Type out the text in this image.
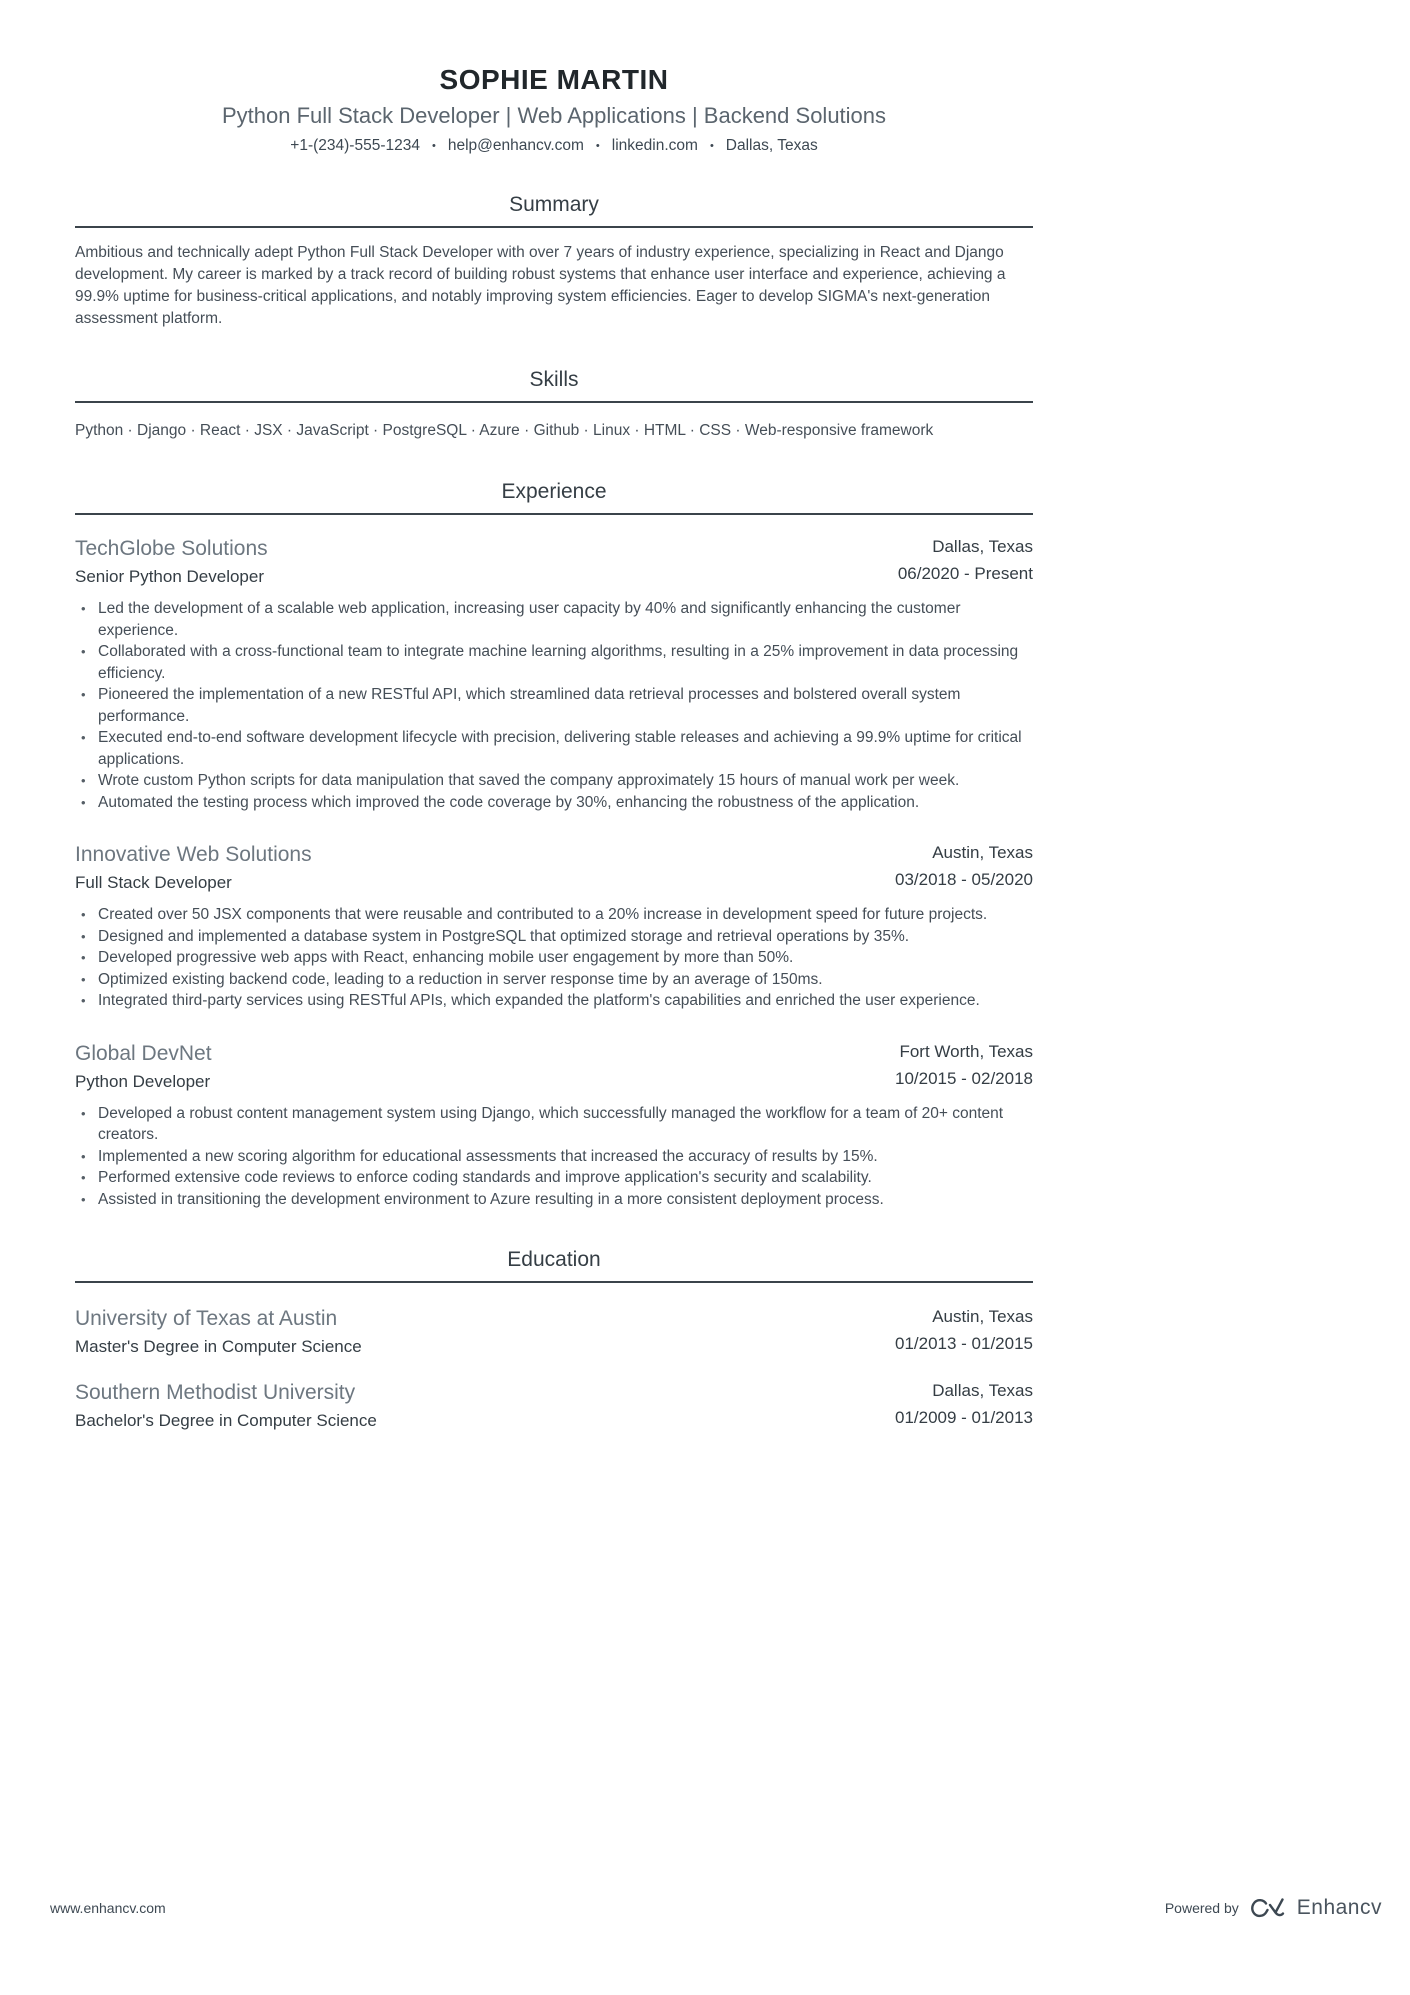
SOPHIE MARTIN
Python Full Stack Developer | Web Applications | Backend Solutions
+1-(234)-555-1234 • help@enhancv.com • linkedin.com • Dallas, Texas
Summary
Ambitious and technically adept Python Full Stack Developer with over 7 years of industry experience, specializing in React and Django development. My career is marked by a track record of building robust systems that enhance user interface and experience, achieving a 99.9% uptime for business-critical applications, and notably improving system efficiencies. Eager to develop SIGMA's next-generation assessment platform.
Skills
Python · Django · React · JSX · JavaScript · PostgreSQL · Azure · Github · Linux · HTML · CSS · Web-responsive framework
Experience
TechGlobe Solutions
Senior Python Developer
Dallas, Texas
06/2020 - Present
• Led the development of a scalable web application, increasing user capacity by 40% and significantly enhancing the customer experience.
• Collaborated with a cross-functional team to integrate machine learning algorithms, resulting in a 25% improvement in data processing efficiency.
• Pioneered the implementation of a new RESTful API, which streamlined data retrieval processes and bolstered overall system performance.
• Executed end-to-end software development lifecycle with precision, delivering stable releases and achieving a 99.9% uptime for critical applications.
• Wrote custom Python scripts for data manipulation that saved the company approximately 15 hours of manual work per week.
• Automated the testing process which improved the code coverage by 30%, enhancing the robustness of the application.
Innovative Web Solutions
Full Stack Developer
Austin, Texas
03/2018 - 05/2020
• Created over 50 JSX components that were reusable and contributed to a 20% increase in development speed for future projects.
• Designed and implemented a database system in PostgreSQL that optimized storage and retrieval operations by 35%.
• Developed progressive web apps with React, enhancing mobile user engagement by more than 50%.
• Optimized existing backend code, leading to a reduction in server response time by an average of 150ms.
• Integrated third-party services using RESTful APIs, which expanded the platform's capabilities and enriched the user experience.
Global DevNet
Python Developer
Fort Worth, Texas
10/2015 - 02/2018
• Developed a robust content management system using Django, which successfully managed the workflow for a team of 20+ content creators.
• Implemented a new scoring algorithm for educational assessments that increased the accuracy of results by 15%.
• Performed extensive code reviews to enforce coding standards and improve application's security and scalability.
• Assisted in transitioning the development environment to Azure resulting in a more consistent deployment process.
Education
University of Texas at Austin
Master's Degree in Computer Science
Austin, Texas
01/2013 - 01/2015
Southern Methodist University
Bachelor's Degree in Computer Science
Dallas, Texas
01/2009 - 01/2013
www.enhancv.com	Powered by	Enhancv
